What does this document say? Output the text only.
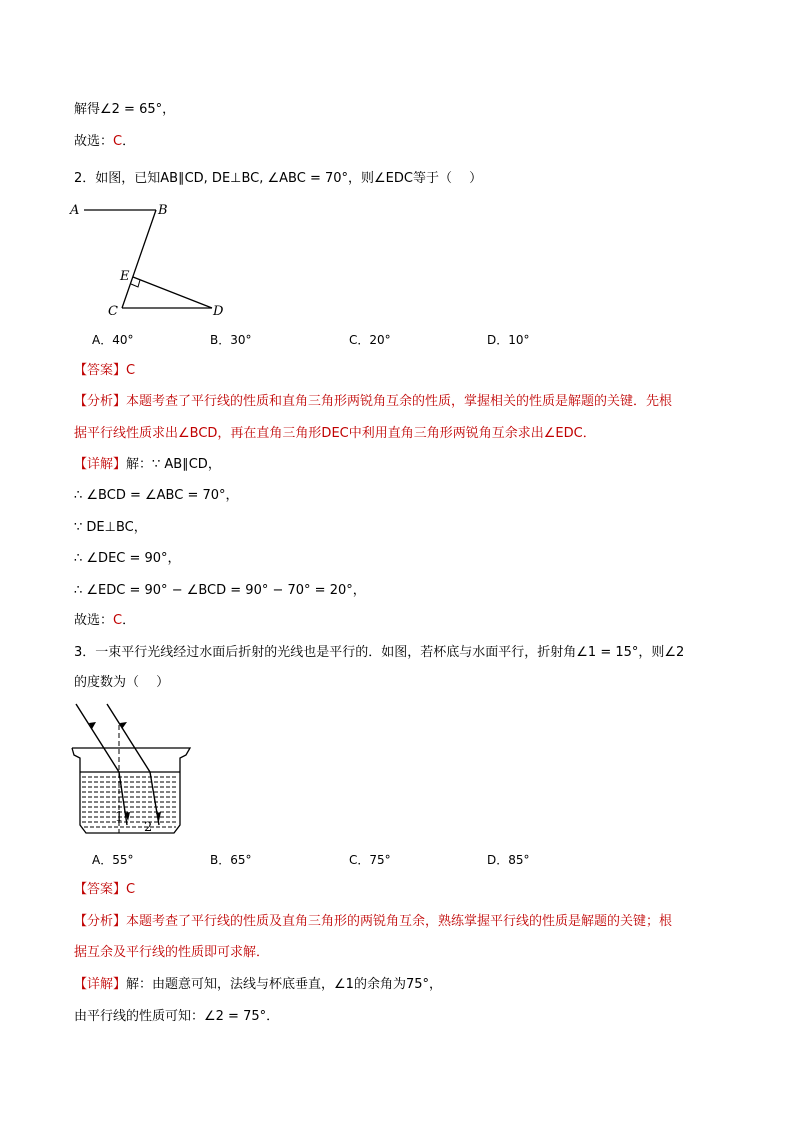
解得∠2 = 65°，
故选：C．
2．如图，已知AB∥CD, DE⊥BC, ∠ABC = 70°，则∠EDC等于（　 ）
A	B
E
C	D
A．40°	B．30°	C．20°	D．10°
【答案】C
【分析】本题考查了平行线的性质和直角三角形两锐角互余的性质，掌握相关的性质是解题的关键．先根
据平行线性质求出∠BCD，再在直角三角形DEC中利用直角三角形两锐角互余求出∠EDC．
【详解】解：∵ AB∥CD，
∴ ∠BCD = ∠ABC = 70°，
∵ DE⊥BC，
∴ ∠DEC = 90°，
∴ ∠EDC = 90° − ∠BCD = 90° − 70° = 20°，
故选：C．
3．一束平行光线经过水面后折射的光线也是平行的．如图，若杯底与水面平行，折射角∠1 = 15°，则∠2
的度数为（　 ）
1
2
A．55°	B．65°	C．75°	D．85°
【答案】C
【分析】本题考查了平行线的性质及直角三角形的两锐角互余，熟练掌握平行线的性质是解题的关键；根
据互余及平行线的性质即可求解．
【详解】解：由题意可知，法线与杯底垂直，∠1的余角为75°，
由平行线的性质可知：∠2 = 75°．
